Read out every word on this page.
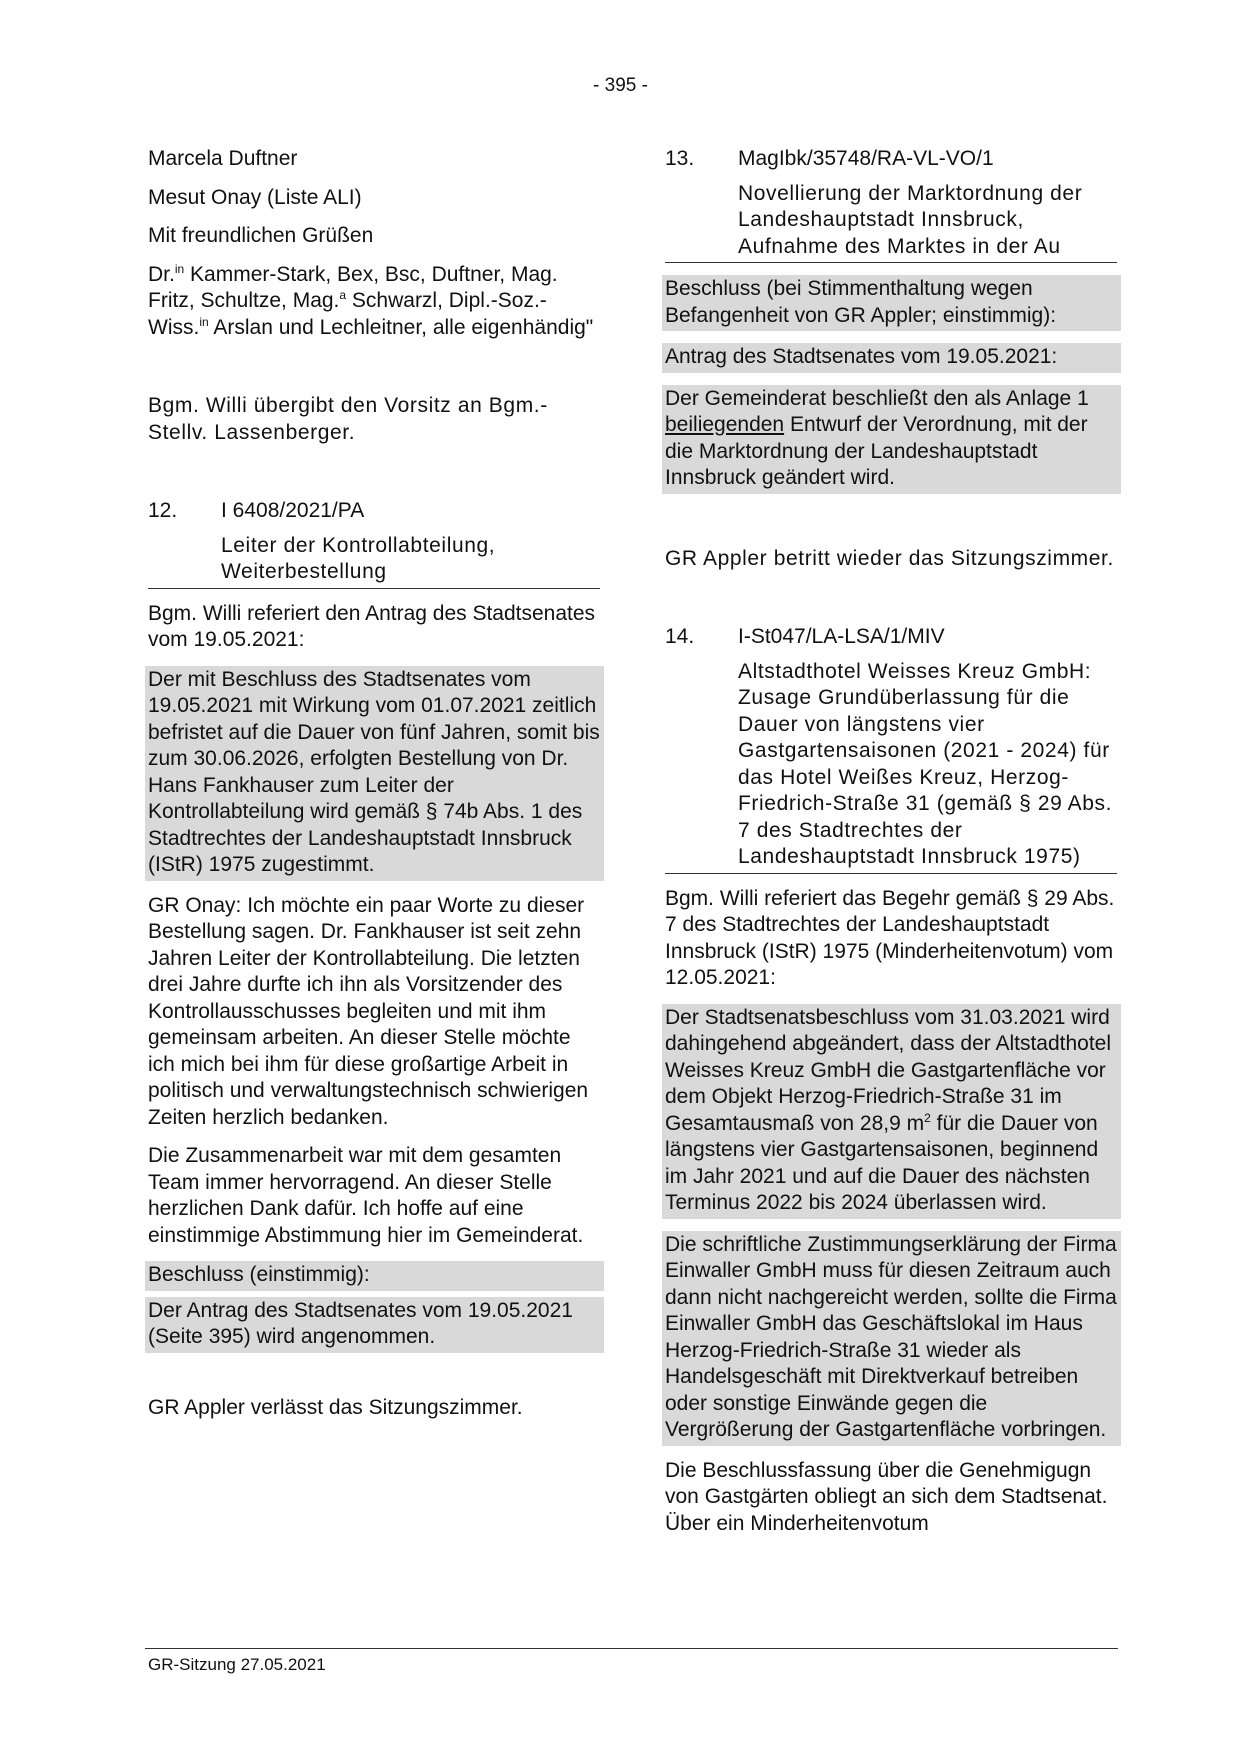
- 395 -

Marcela Duftner

Mesut Onay (Liste ALI)

Mit freundlichen Grüßen

Dr.$^{in}$ Kammer-Stark, Bex, Bsc, Duftner, Mag. Fritz, Schultze, Mag.$^a$ Schwarzl, Dipl.-Soz.-Wiss.$^{in}$ Arslan und Lechleitner, alle eigenhändig"

Bgm. Willi übergibt den Vorsitz an Bgm.-Stellv. Lassenberger.

12.	I 6408/2021/PA

Leiter der Kontrollabteilung, Weiterbestellung

Bgm. Willi referiert den Antrag des Stadtsenates vom 19.05.2021:

Der mit Beschluss des Stadtsenates vom 19.05.2021 mit Wirkung vom 01.07.2021 zeitlich befristet auf die Dauer von fünf Jahren, somit bis zum 30.06.2026, erfolgten Bestellung von Dr. Hans Fankhauser zum Leiter der Kontrollabteilung wird gemäß § 74b Abs. 1 des Stadtrechtes der Landeshauptstadt Innsbruck (IStR) 1975 zugestimmt.

GR Onay: Ich möchte ein paar Worte zu dieser Bestellung sagen. Dr. Fankhauser ist seit zehn Jahren Leiter der Kontrollabteilung. Die letzten drei Jahre durfte ich ihn als Vorsitzender des Kontrollausschusses begleiten und mit ihm gemeinsam arbeiten. An dieser Stelle möchte ich mich bei ihm für diese großartige Arbeit in politisch und verwaltungstechnisch schwierigen Zeiten herzlich bedanken.

Die Zusammenarbeit war mit dem gesamten Team immer hervorragend. An dieser Stelle herzlichen Dank dafür. Ich hoffe auf eine einstimmige Abstimmung hier im Gemeinderat.

Beschluss (einstimmig):

Der Antrag des Stadtsenates vom 19.05.2021 (Seite 395) wird angenommen.

GR Appler verlässt das Sitzungszimmer.

13.	MagIbk/35748/RA-VL-VO/1

Novellierung der Marktordnung der Landeshauptstadt Innsbruck, Aufnahme des Marktes in der Au

Beschluss (bei Stimmenthaltung wegen Befangenheit von GR Appler; einstimmig):

Antrag des Stadtsenates vom 19.05.2021:

Der Gemeinderat beschließt den als Anlage 1 beiliegenden Entwurf der Verordnung, mit der die Marktordnung der Landeshauptstadt Innsbruck geändert wird.

GR Appler betritt wieder das Sitzungszimmer.

14.	I-St047/LA-LSA/1/MIV

Altstadthotel Weisses Kreuz GmbH: Zusage Grundüberlassung für die Dauer von längstens vier Gastgartensaisonen (2021 - 2024) für das Hotel Weißes Kreuz, Herzog-Friedrich-Straße 31 (gemäß § 29 Abs. 7 des Stadtrechtes der Landeshauptstadt Innsbruck 1975)

Bgm. Willi referiert das Begehr gemäß § 29 Abs. 7 des Stadtrechtes der Landeshauptstadt Innsbruck (IStR) 1975 (Minderheitenvotum) vom 12.05.2021:

Der Stadtsenatsbeschluss vom 31.03.2021 wird dahingehend abgeändert, dass der Altstadthotel Weisses Kreuz GmbH die Gastgartenfläche vor dem Objekt Herzog-Friedrich-Straße 31 im Gesamtausmaß von 28,9 $m^2$ für die Dauer von längstens vier Gastgartensaisonen, beginnend im Jahr 2021 und auf die Dauer des nächsten Terminus 2022 bis 2024 überlassen wird.

Die schriftliche Zustimmungserklärung der Firma Einwaller GmbH muss für diesen Zeitraum auch dann nicht nachgereicht werden, sollte die Firma Einwaller GmbH das Geschäftslokal im Haus Herzog-Friedrich-Straße 31 wieder als Handelsgeschäft mit Direktverkauf betreiben oder sonstige Einwände gegen die Vergrößerung der Gastgartenfläche vorbringen.

Die Beschlussfassung über die Genehmigugn von Gastgärten obliegt an sich dem Stadtsenat. Über ein Minderheitenvotum

GR-Sitzung 27.05.2021
